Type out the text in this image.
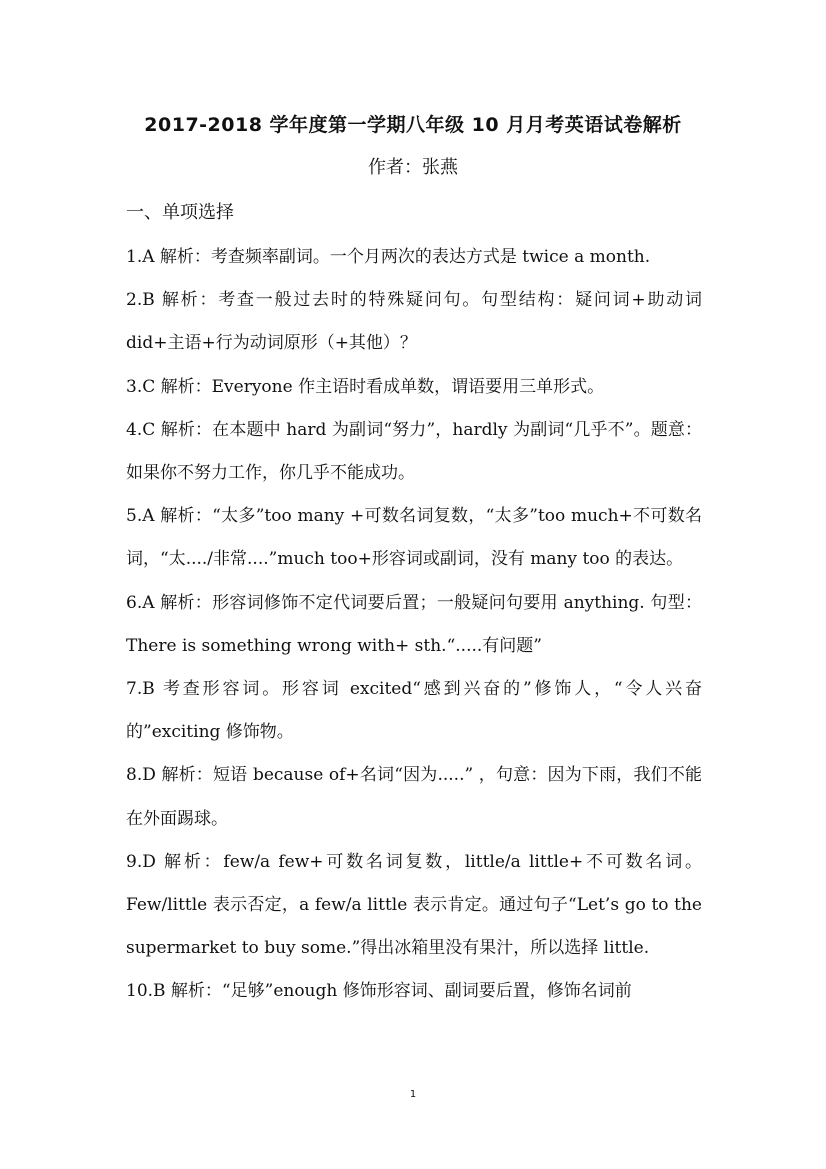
2017-2018 学年度第一学期八年级 10 月月考英语试卷解析
作者：张燕
一、单项选择

1.A 解析：考查频率副词。一个月两次的表达方式是 twice a month.

2.B 解析：考查一般过去时的特殊疑问句。句型结构：疑问词+助动词 did+主语+行为动词原形（+其他）？

3.C 解析：Everyone 作主语时看成单数，谓语要用三单形式。

4.C 解析：在本题中 hard 为副词“努力”，hardly 为副词“几乎不”。题意：如果你不努力工作，你几乎不能成功。

5.A 解析：“太多”too many +可数名词复数，“太多”too much+不可数名词，“太..../非常....”much too+形容词或副词，没有 many too 的表达。

6.A 解析：形容词修饰不定代词要后置；一般疑问句要用 anything. 句型：There is something wrong with+ sth.“.....有问题”

7.B 考查形容词。形容词 excited“感到兴奋的”修饰人，“令人兴奋的”exciting 修饰物。

8.D 解析：短语 because of+名词“因为.....” ，句意：因为下雨，我们不能在外面踢球。

9.D 解析：few/a few+可数名词复数，little/a little+不可数名词。Few/little 表示否定，a few/a little 表示肯定。通过句子“Let’s go to the supermarket to buy some.”得出冰箱里没有果汁，所以选择 little.

10.B 解析：“足够”enough 修饰形容词、副词要后置，修饰名词前

1
